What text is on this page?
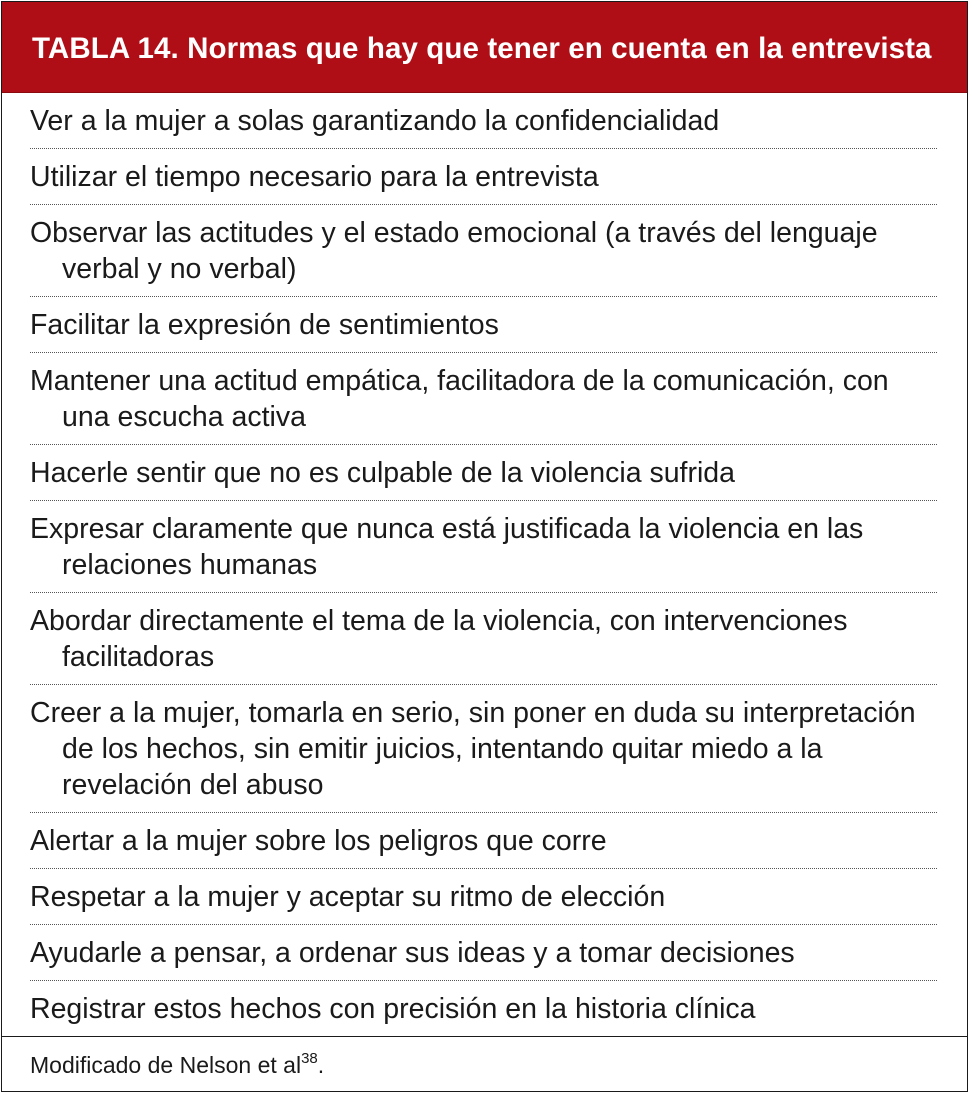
TABLA 14. Normas que hay que tener en cuenta en la entrevista
Ver a la mujer a solas garantizando la confidencialidad
Utilizar el tiempo necesario para la entrevista
Observar las actitudes y el estado emocional (a través del lenguaje verbal y no verbal)
Facilitar la expresión de sentimientos
Mantener una actitud empática, facilitadora de la comunicación, con una escucha activa
Hacerle sentir que no es culpable de la violencia sufrida
Expresar claramente que nunca está justificada la violencia en las relaciones humanas
Abordar directamente el tema de la violencia, con intervenciones facilitadoras
Creer a la mujer, tomarla en serio, sin poner en duda su interpretación de los hechos, sin emitir juicios, intentando quitar miedo a la revelación del abuso
Alertar a la mujer sobre los peligros que corre
Respetar a la mujer y aceptar su ritmo de elección
Ayudarle a pensar, a ordenar sus ideas y a tomar decisiones
Registrar estos hechos con precisión en la historia clínica
Modificado de Nelson et $al^{38}$.
